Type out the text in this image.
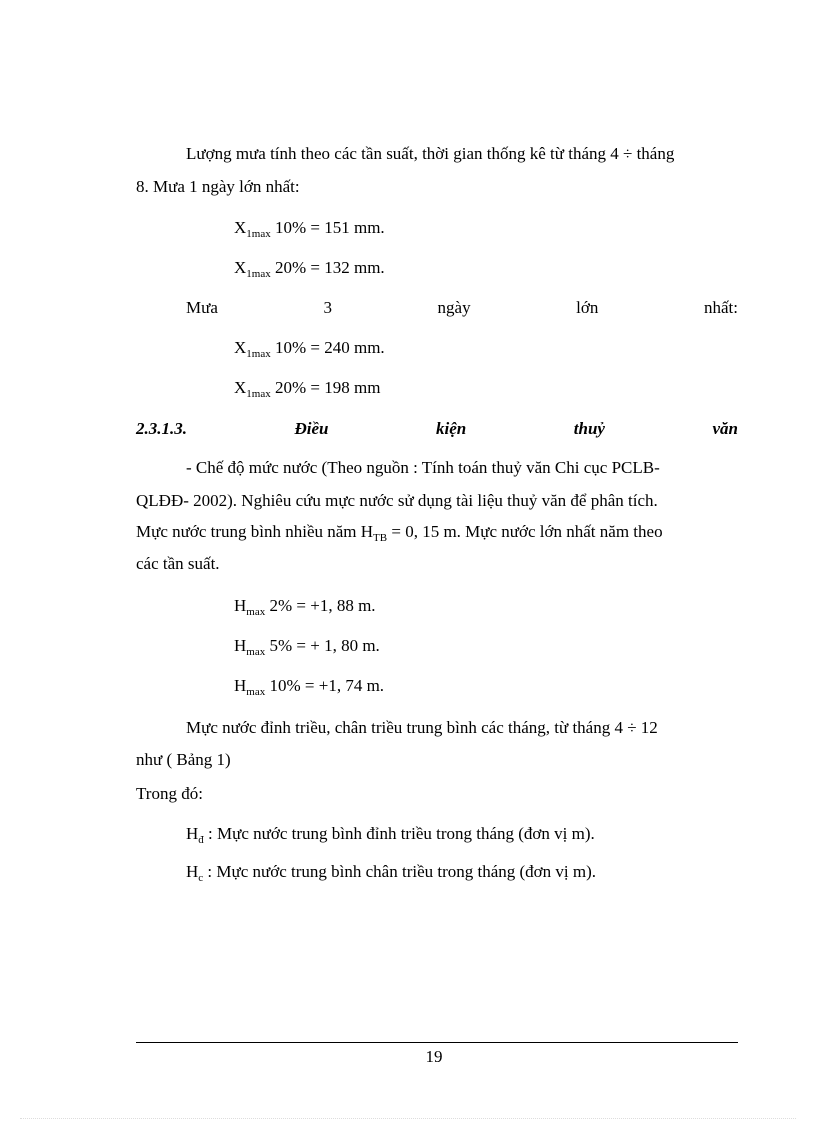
Lượng mưa tính theo các tần suất, thời gian thống kê từ tháng 4 ÷ tháng
8. Mưa 1 ngày lớn nhất:
$X_{1max}$ 10% = 151 mm.
$X_{1max}$ 20% = 132 mm.
Mưa	3	ngày	lớn	nhất:
$X_{1max}$ 10% = 240 mm.
$X_{1max}$ 20% = 198 mm
2.3.1.3.	Điều	kiện	thuỷ	văn
- Chế độ mức nước (Theo nguồn : Tính toán thuỷ văn Chi cục PCLB-
QLĐĐ- 2002). Nghiêu cứu mực nước sử dụng tài liệu thuỷ văn để phân tích.
Mực nước trung bình nhiều năm $H_{TB} = 0$, 15 m. Mực nước lớn nhất năm theo
các tần suất.
$H_{max}$ 2% = +1, 88 m.
$H_{max}$ 5% = + 1, 80 m.
$H_{max}$ 10% = +1, 74 m.
Mực nước đỉnh triều, chân triều trung bình các tháng, từ tháng 4 ÷ 12
như ( Bảng 1)
Trong đó:
$H_đ$ : Mực nước trung bình đỉnh triều trong tháng (đơn vị m).
$H_c$ : Mực nước trung bình chân triều trong tháng (đơn vị m).
19
